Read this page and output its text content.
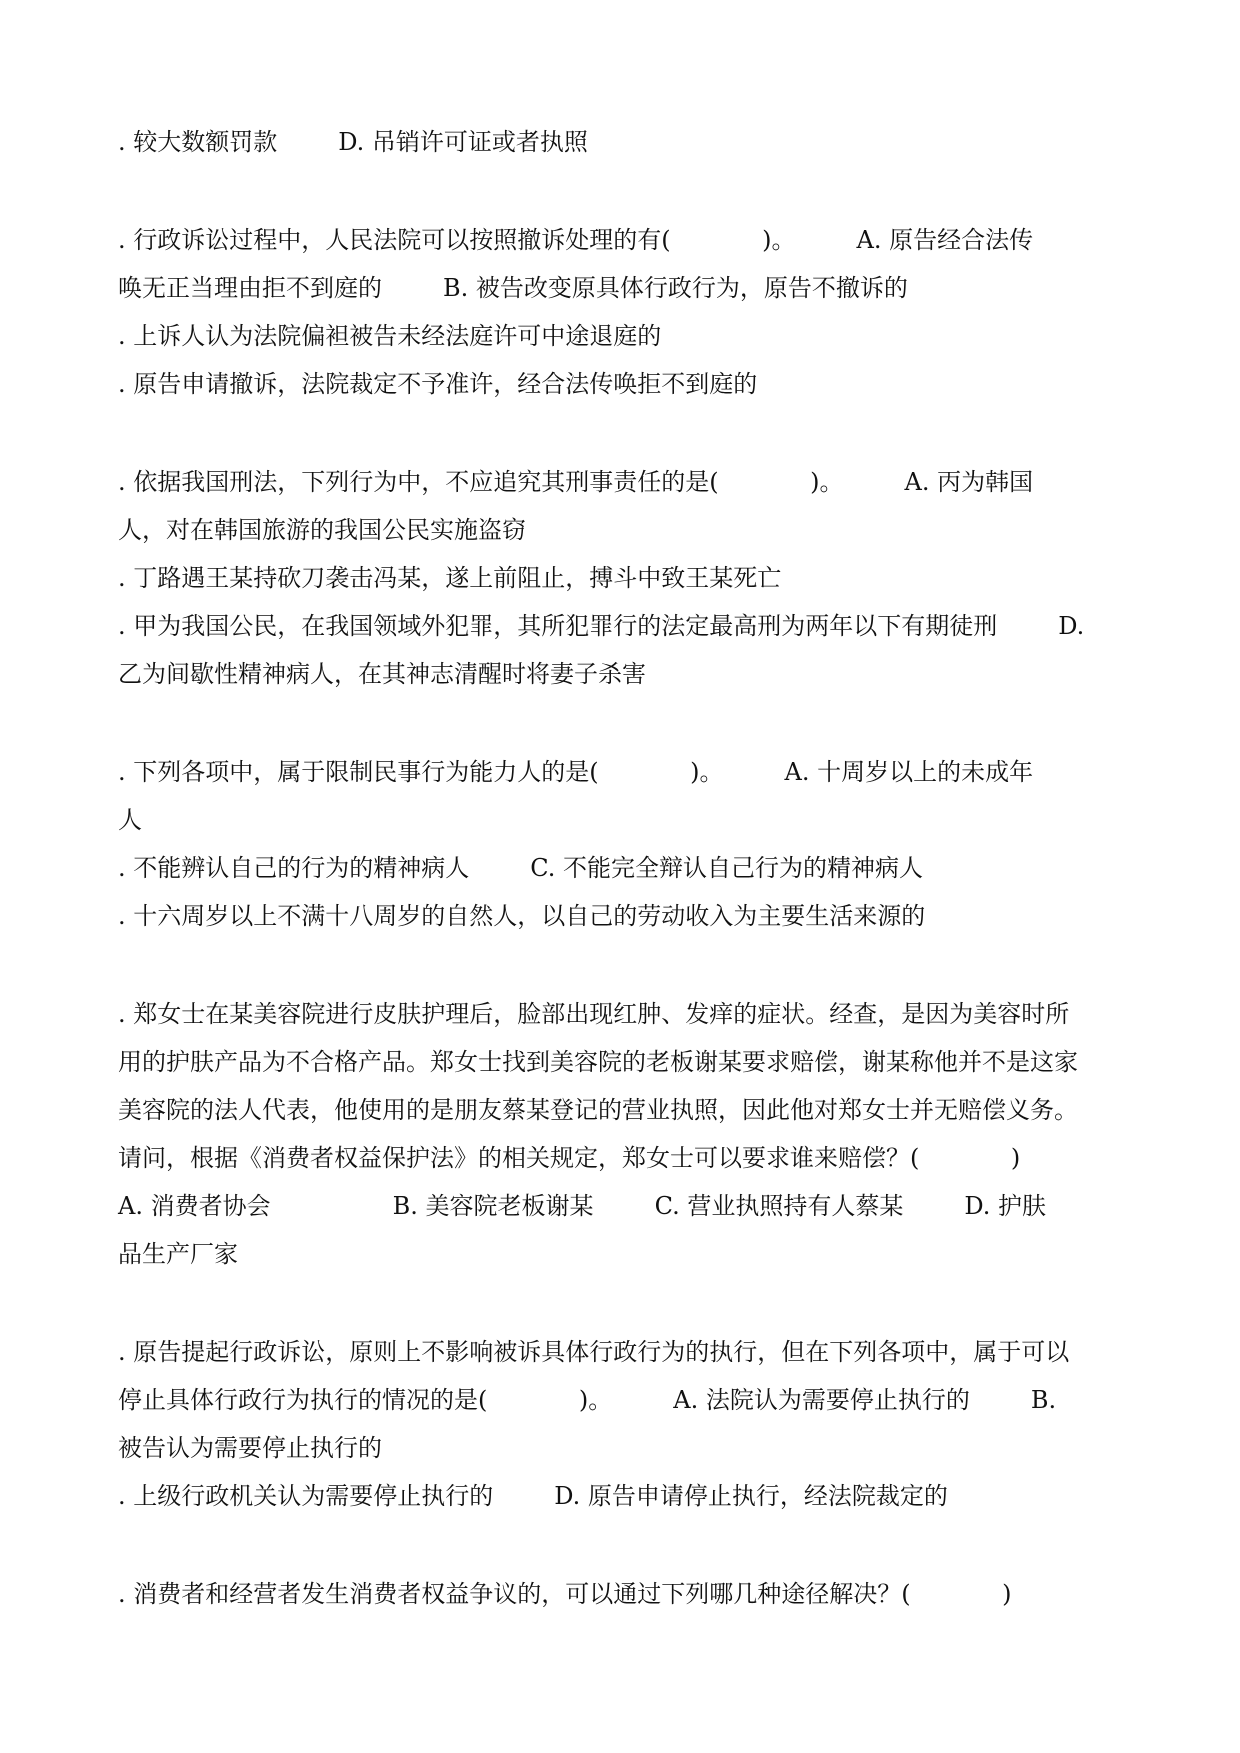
. 较大数额罚款        D. 吊销许可证或者执照
. 行政诉讼过程中，人民法院可以按照撤诉处理的有(            )。        A. 原告经合法传
唤无正当理由拒不到庭的        B. 被告改变原具体行政行为，原告不撤诉的
. 上诉人认为法院偏袒被告未经法庭许可中途退庭的
. 原告申请撤诉，法院裁定不予准许，经合法传唤拒不到庭的
. 依据我国刑法，下列行为中，不应追究其刑事责任的是(            )。        A. 丙为韩国
人，对在韩国旅游的我国公民实施盗窃
. 丁路遇王某持砍刀袭击冯某，遂上前阻止，搏斗中致王某死亡
. 甲为我国公民，在我国领域外犯罪，其所犯罪行的法定最高刑为两年以下有期徒刑        D.
乙为间歇性精神病人，在其神志清醒时将妻子杀害
. 下列各项中，属于限制民事行为能力人的是(            )。        A. 十周岁以上的未成年
人
. 不能辨认自己的行为的精神病人        C. 不能完全辩认自己行为的精神病人
. 十六周岁以上不满十八周岁的自然人，以自己的劳动收入为主要生活来源的
. 郑女士在某美容院进行皮肤护理后，脸部出现红肿、发痒的症状。经查，是因为美容时所
用的护肤产品为不合格产品。郑女士找到美容院的老板谢某要求赔偿，谢某称他并不是这家
美容院的法人代表，他使用的是朋友蔡某登记的营业执照，因此他对郑女士并无赔偿义务。
请问，根据《消费者权益保护法》的相关规定，郑女士可以要求谁来赔偿？(            )
A. 消费者协会                B. 美容院老板谢某        C. 营业执照持有人蔡某        D. 护肤
品生产厂家
. 原告提起行政诉讼，原则上不影响被诉具体行政行为的执行，但在下列各项中，属于可以
停止具体行政行为执行的情况的是(            )。        A. 法院认为需要停止执行的        B.
被告认为需要停止执行的
. 上级行政机关认为需要停止执行的        D. 原告申请停止执行，经法院裁定的
. 消费者和经营者发生消费者权益争议的，可以通过下列哪几种途径解决？(            )
